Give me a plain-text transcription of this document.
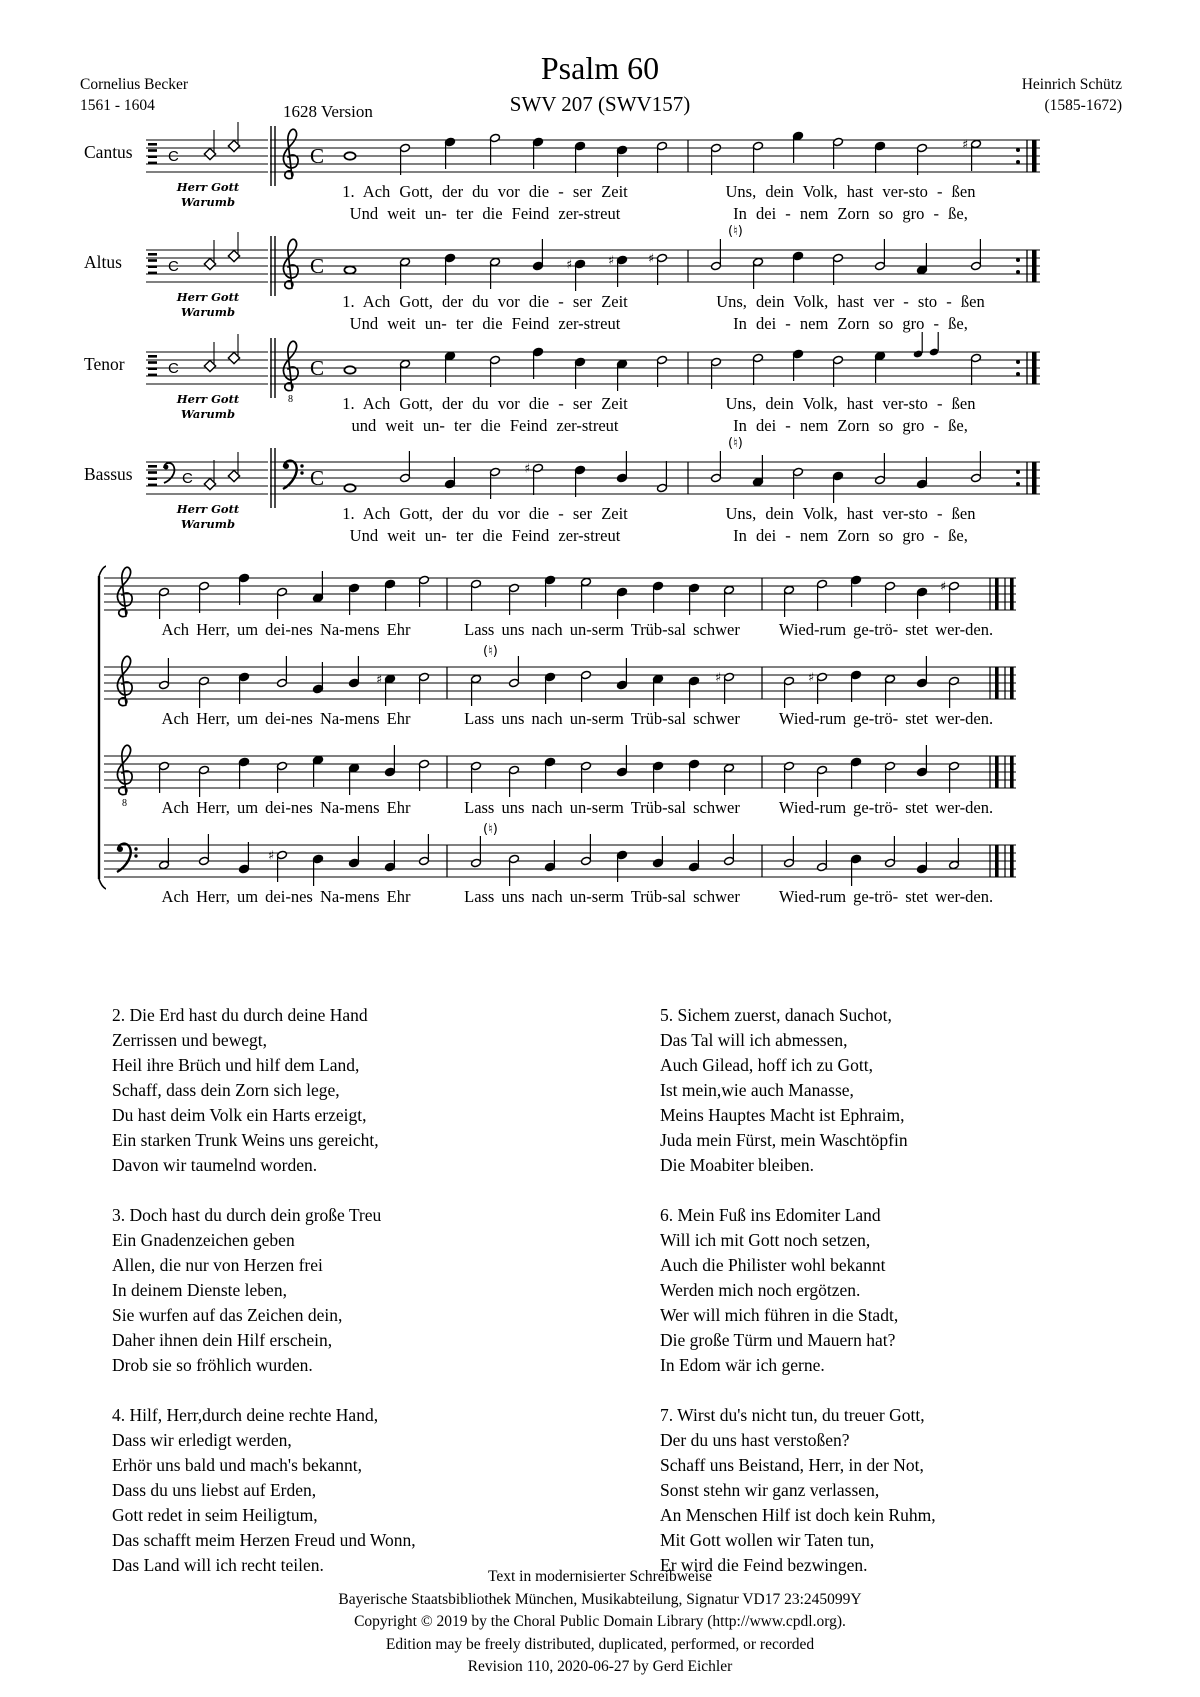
Cornelius Becker
1561 - 1604
Psalm 60
SWV 207 (SWV157)
1628 Version
Heinrich Schütz
(1585-1672)
Cantus C
Herr Gott
Warumb
C	♯
1. Ach Gott, der du vor die - ser Zeit	Uns, dein Volk, hast ver-sto - ßen
Und weit un- ter die Feind zer-streut	In dei - nem Zorn so gro - ße,
Altus	C
Herr Gott
Warumb
C	♯	♯	♯
(♮)
1. Ach Gott, der du vor die - ser Zeit	Uns, dein Volk, hast ver - sto - ßen
Und weit un- ter die Feind zer-streut	In dei - nem Zorn so gro - ße,
Tenor	C
Herr Gott
Warumb
8
C
1. Ach Gott, der du vor die - ser Zeit	Uns, dein Volk, hast ver-sto - ßen
und weit un- ter die Feind zer-streut	In dei - nem Zorn so gro - ße,
Bassus	C
Herr Gott
Warumb
C	♯
(♮)
1. Ach Gott, der du vor die - ser Zeit	Uns, dein Volk, hast ver-sto - ßen
Und weit un- ter die Feind zer-streut	In dei - nem Zorn so gro - ße,
♯
Ach Herr, um dei-nes Na-mens Ehr	Lass uns nach un-serm Trüb-sal schwer	Wied-rum ge-trö- stet wer-den.
♯	♯	♯
(♮)
Ach Herr, um dei-nes Na-mens Ehr	Lass uns nach un-serm Trüb-sal schwer	Wied-rum ge-trö- stet wer-den.
8	Ach Herr, um dei-nes Na-mens Ehr	Lass uns nach un-serm Trüb-sal schwer	Wied-rum ge-trö- stet wer-den.
♯
(♮)
Ach Herr, um dei-nes Na-mens Ehr	Lass uns nach un-serm Trüb-sal schwer	Wied-rum ge-trö- stet wer-den.
2. Die Erd hast du durch deine Hand
Zerrissen und bewegt,
Heil ihre Brüch und hilf dem Land,
Schaff, dass dein Zorn sich lege,
Du hast deim Volk ein Harts erzeigt,
Ein starken Trunk Weins uns gereicht,
Davon wir taumelnd worden.
3. Doch hast du durch dein große Treu
Ein Gnadenzeichen geben
Allen, die nur von Herzen frei
In deinem Dienste leben,
Sie wurfen auf das Zeichen dein,
Daher ihnen dein Hilf erschein,
Drob sie so fröhlich wurden.
4. Hilf, Herr,durch deine rechte Hand,
Dass wir erledigt werden,
Erhör uns bald und mach's bekannt,
Dass du uns liebst auf Erden,
Gott redet in seim Heiligtum,
Das schafft meim Herzen Freud und Wonn,
Das Land will ich recht teilen.
5. Sichem zuerst, danach Suchot,
Das Tal will ich abmessen,
Auch Gilead, hoff ich zu Gott,
Ist mein,wie auch Manasse,
Meins Hauptes Macht ist Ephraim,
Juda mein Fürst, mein Waschtöpfin
Die Moabiter bleiben.
6. Mein Fuß ins Edomiter Land
Will ich mit Gott noch setzen,
Auch die Philister wohl bekannt
Werden mich noch ergötzen.
Wer will mich führen in die Stadt,
Die große Türm und Mauern hat?
In Edom wär ich gerne.
7. Wirst du's nicht tun, du treuer Gott,
Der du uns hast verstoßen?
Schaff uns Beistand, Herr, in der Not,
Sonst stehn wir ganz verlassen,
An Menschen Hilf ist doch kein Ruhm,
Mit Gott wollen wir Taten tun,
Er wird die Feind bezwingen.
Text in modernisierter Schreibweise
Bayerische Staatsbibliothek München, Musikabteilung, Signatur VD17 23:245099Y
Copyright © 2019 by the Choral Public Domain Library (http://www.cpdl.org).
Edition may be freely distributed, duplicated, performed, or recorded
Revision 110, 2020-06-27 by Gerd Eichler
